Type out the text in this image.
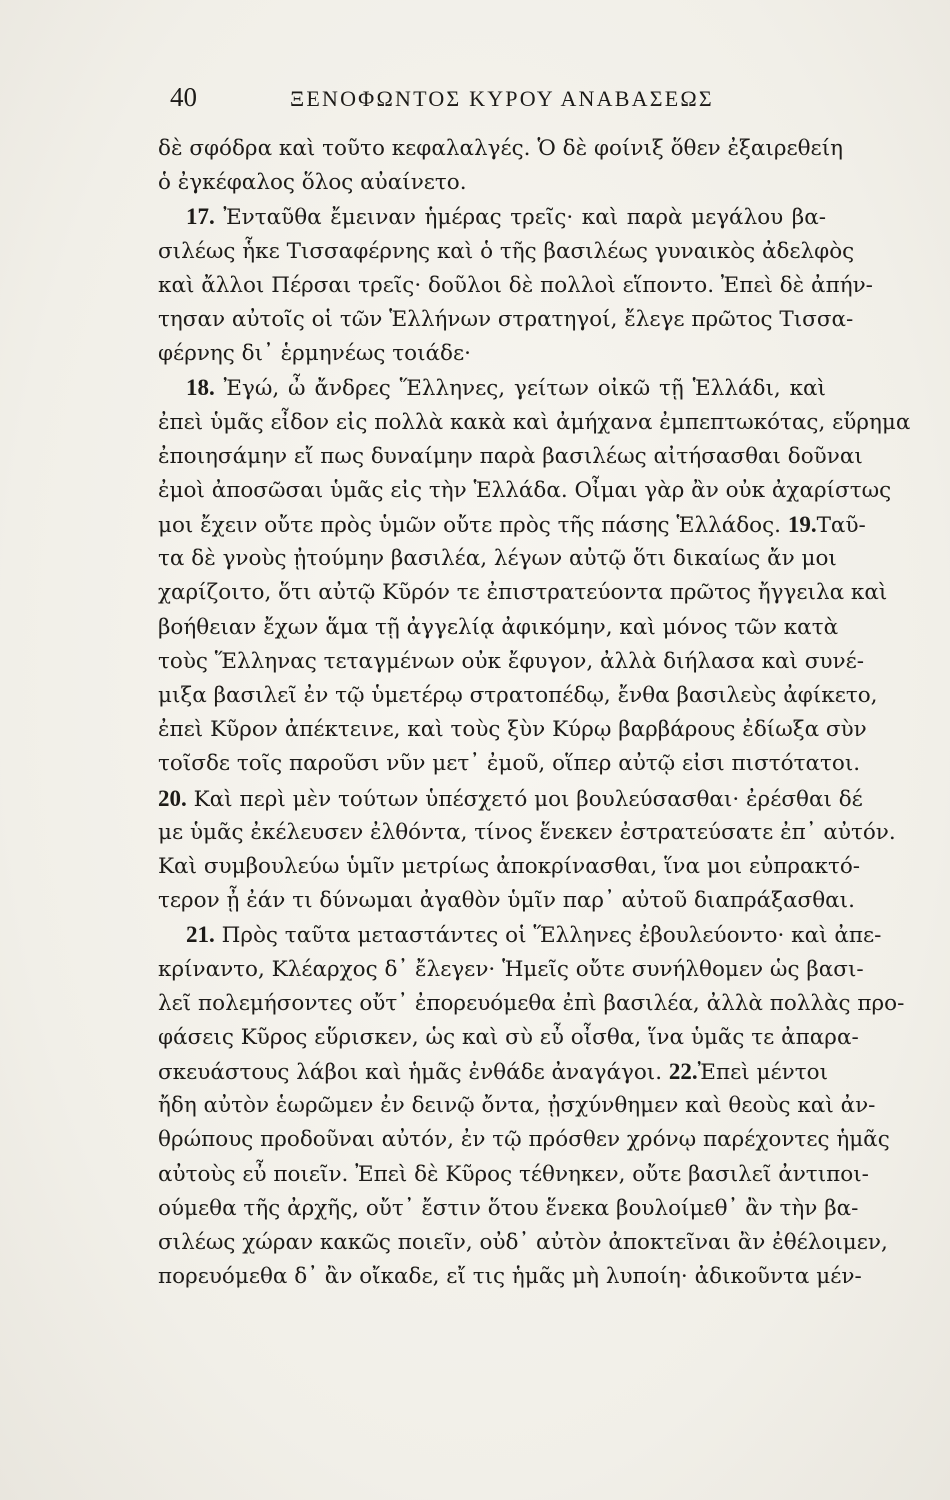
40	ΞΕΝΟΦΩΝΤΟΣ ΚΥΡΟΥ ΑΝΑΒΑΣΕΩΣ
δὲ σφόδρα καὶ τοῦτο κεφαλαλγές. Ὁ δὲ φοίνιξ ὅθεν ἐξαιρεθείη
ὁ ἐγκέφαλος ὅλος αὐαίνετο.
17. Ἐνταῦθα ἔμειναν ἡμέρας τρεῖς· καὶ παρὰ μεγάλου βα-
σιλέως ἧκε Τισσαφέρνης καὶ ὁ τῆς βασιλέως γυναικὸς ἀδελφὸς
καὶ ἄλλοι Πέρσαι τρεῖς· δοῦλοι δὲ πολλοὶ εἵποντο. Ἐπεὶ δὲ ἀπήν-
τησαν αὐτοῖς οἱ τῶν Ἑλλήνων στρατηγοί, ἔλεγε πρῶτος Τισσα-
φέρνης δι᾽ ἑρμηνέως τοιάδε·
18. Ἐγώ, ὦ ἄνδρες Ἕλληνες, γείτων οἰκῶ τῇ Ἑλλάδι, καὶ
ἐπεὶ ὑμᾶς εἶδον εἰς πολλὰ κακὰ καὶ ἀμήχανα ἐμπεπτωκότας, εὕρημα
ἐποιησάμην εἴ πως δυναίμην παρὰ βασιλέως αἰτήσασθαι δοῦναι
ἐμοὶ ἀποσῶσαι ὑμᾶς εἰς τὴν Ἑλλάδα. Οἶμαι γὰρ ἂν οὐκ ἀχαρίστως
μοι ἔχειν οὔτε πρὸς ὑμῶν οὔτε πρὸς τῆς πάσης Ἑλλάδος. 19.Ταῦ-
τα δὲ γνοὺς ᾐτούμην βασιλέα, λέγων αὐτῷ ὅτι δικαίως ἄν μοι
χαρίζοιτο, ὅτι αὐτῷ Κῦρόν τε ἐπιστρατεύοντα πρῶτος ἤγγειλα καὶ
βοήθειαν ἔχων ἅμα τῇ ἀγγελίᾳ ἀφικόμην, καὶ μόνος τῶν κατὰ
τοὺς Ἕλληνας τεταγμένων οὐκ ἔφυγον, ἀλλὰ διήλασα καὶ συνέ-
μιξα βασιλεῖ ἐν τῷ ὑμετέρῳ στρατοπέδῳ, ἔνθα βασιλεὺς ἀφίκετο,
ἐπεὶ Κῦρον ἀπέκτεινε, καὶ τοὺς ξὺν Κύρῳ βαρβάρους ἐδίωξα σὺν
τοῖσδε τοῖς παροῦσι νῦν μετ᾽ ἐμοῦ, οἵπερ αὐτῷ εἰσι πιστότατοι.
20. Καὶ περὶ μὲν τούτων ὑπέσχετό μοι βουλεύσασθαι· ἐρέσθαι δέ
με ὑμᾶς ἐκέλευσεν ἐλθόντα, τίνος ἕνεκεν ἐστρατεύσατε ἐπ᾽ αὐτόν.
Καὶ συμβουλεύω ὑμῖν μετρίως ἀποκρίνασθαι, ἵνα μοι εὐπρακτό-
τερον ᾖ ἐάν τι δύνωμαι ἀγαθὸν ὑμῖν παρ᾽ αὐτοῦ διαπράξασθαι.
21. Πρὸς ταῦτα μεταστάντες οἱ Ἕλληνες ἐβουλεύοντο· καὶ ἀπε-
κρίναντο, Κλέαρχος δ᾽ ἔλεγεν· Ἡμεῖς οὔτε συνήλθομεν ὡς βασι-
λεῖ πολεμήσοντες οὔτ᾽ ἐπορευόμεθα ἐπὶ βασιλέα, ἀλλὰ πολλὰς προ-
φάσεις Κῦρος εὕρισκεν, ὡς καὶ σὺ εὖ οἶσθα, ἵνα ὑμᾶς τε ἀπαρα-
σκευάστους λάβοι καὶ ἡμᾶς ἐνθάδε ἀναγάγοι. 22.Ἐπεὶ μέντοι
ἤδη αὐτὸν ἑωρῶμεν ἐν δεινῷ ὄντα, ᾐσχύνθημεν καὶ θεοὺς καὶ ἀν-
θρώπους προδοῦναι αὐτόν, ἐν τῷ πρόσθεν χρόνῳ παρέχοντες ἡμᾶς
αὐτοὺς εὖ ποιεῖν. Ἐπεὶ δὲ Κῦρος τέθνηκεν, οὔτε βασιλεῖ ἀντιποι-
ούμεθα τῆς ἀρχῆς, οὔτ᾽ ἔστιν ὅτου ἕνεκα βουλοίμεθ᾽ ἂν τὴν βα-
σιλέως χώραν κακῶς ποιεῖν, οὐδ᾽ αὐτὸν ἀποκτεῖναι ἂν ἐθέλοιμεν,
πορευόμεθα δ᾽ ἂν οἴκαδε, εἴ τις ἡμᾶς μὴ λυποίη· ἀδικοῦντα μέν-
